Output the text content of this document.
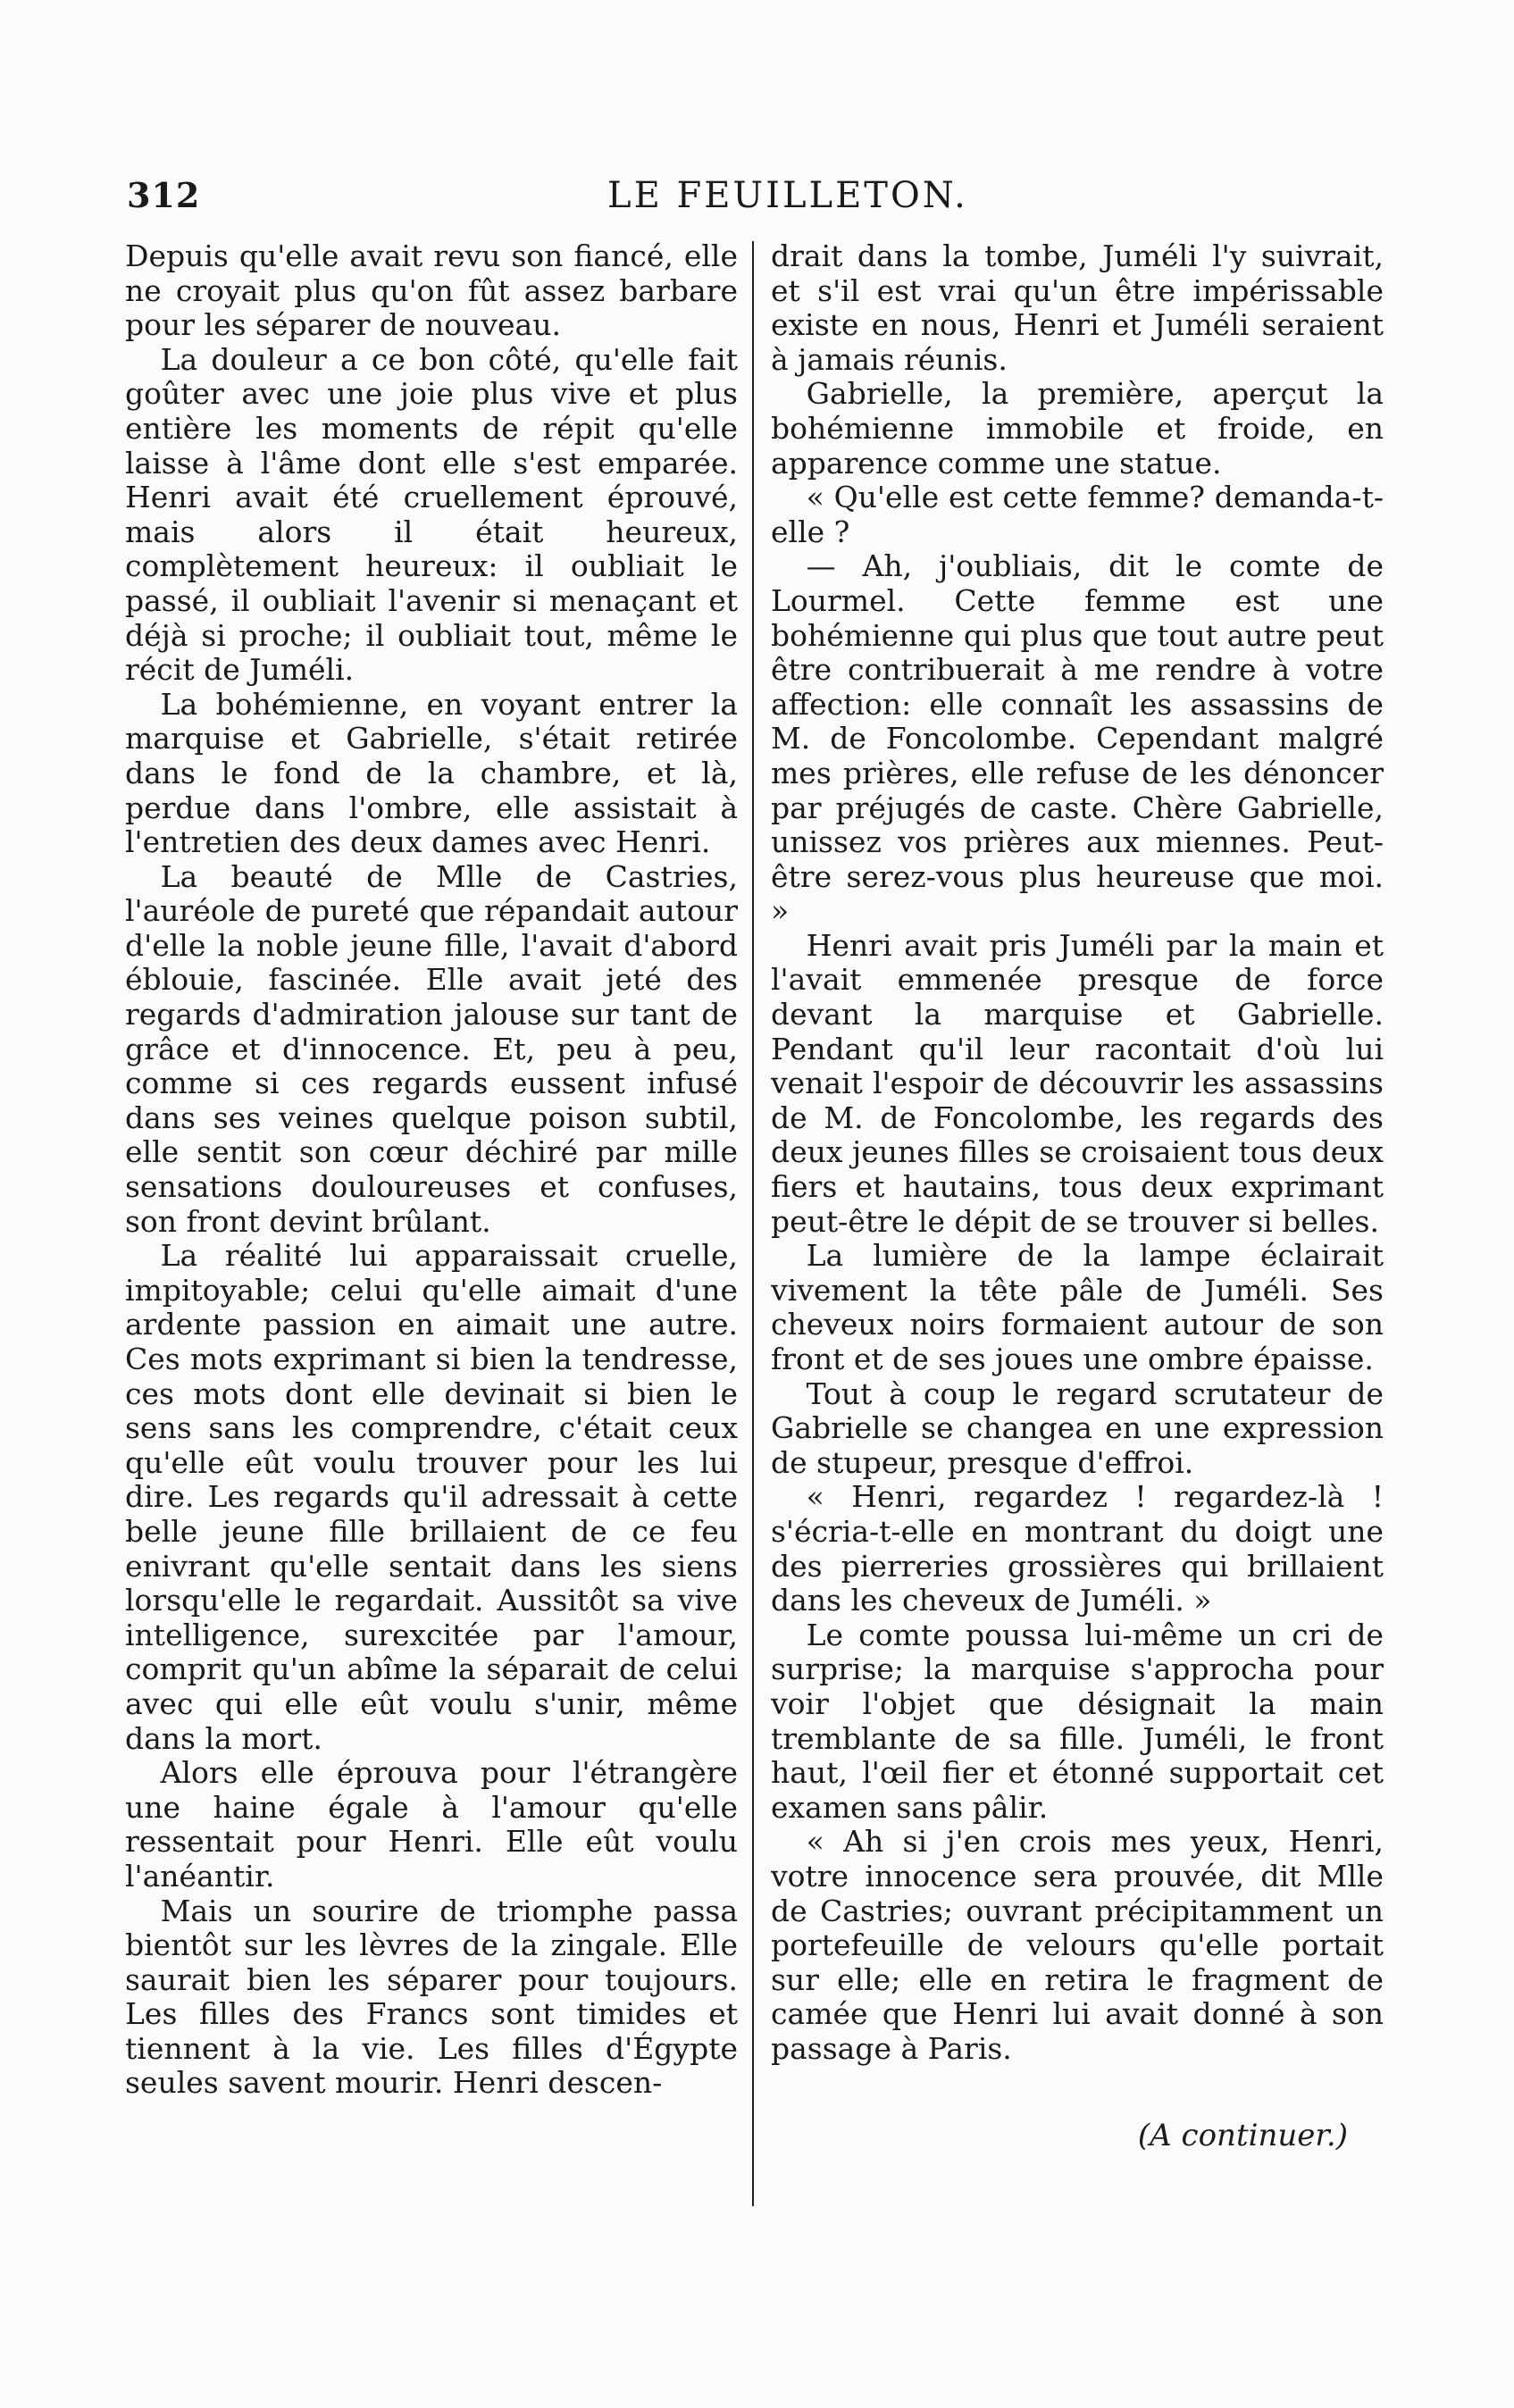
312	LE FEUILLETON.

Depuis qu'elle avait revu son fiancé, elle ne croyait plus qu'on fût assez barbare pour les séparer de nouveau.

La douleur a ce bon côté, qu'elle fait goûter avec une joie plus vive et plus entière les moments de répit qu'elle laisse à l'âme dont elle s'est emparée. Henri avait été cruellement éprouvé, mais alors il était heureux, complètement heureux: il oubliait le passé, il oubliait l'avenir si menaçant et déjà si proche; il oubliait tout, même le récit de Juméli.

La bohémienne, en voyant entrer la marquise et Gabrielle, s'était retirée dans le fond de la chambre, et là, perdue dans l'ombre, elle assistait à l'entretien des deux dames avec Henri.

La beauté de Mlle de Castries, l'auréole de pureté que répandait autour d'elle la noble jeune fille, l'avait d'abord éblouie, fascinée. Elle avait jeté des regards d'admiration jalouse sur tant de grâce et d'innocence. Et, peu à peu, comme si ces regards eussent infusé dans ses veines quelque poison subtil, elle sentit son cœur déchiré par mille sensations douloureuses et confuses, son front devint brûlant.

La réalité lui apparaissait cruelle, impitoyable; celui qu'elle aimait d'une ardente passion en aimait une autre. Ces mots exprimant si bien la tendresse, ces mots dont elle devinait si bien le sens sans les comprendre, c'était ceux qu'elle eût voulu trouver pour les lui dire. Les regards qu'il adressait à cette belle jeune fille brillaient de ce feu enivrant qu'elle sentait dans les siens lorsqu'elle le regardait. Aussitôt sa vive intelligence, surexcitée par l'amour, comprit qu'un abîme la séparait de celui avec qui elle eût voulu s'unir, même dans la mort.

Alors elle éprouva pour l'étrangère une haine égale à l'amour qu'elle ressentait pour Henri. Elle eût voulu l'anéantir.

Mais un sourire de triomphe passa bientôt sur les lèvres de la zingale. Elle saurait bien les séparer pour toujours. Les filles des Francs sont timides et tiennent à la vie. Les filles d'Égypte seules savent mourir. Henri descen-

drait dans la tombe, Juméli l'y suivrait, et s'il est vrai qu'un être impérissable existe en nous, Henri et Juméli seraient à jamais réunis.

Gabrielle, la première, aperçut la bohémienne immobile et froide, en apparence comme une statue.

« Qu'elle est cette femme? demanda-t-elle ?

— Ah, j'oubliais, dit le comte de Lourmel. Cette femme est une bohémienne qui plus que tout autre peut être contribuerait à me rendre à votre affection: elle connaît les assassins de M. de Foncolombe. Cependant malgré mes prières, elle refuse de les dénoncer par préjugés de caste. Chère Gabrielle, unissez vos prières aux miennes. Peut-être serez-vous plus heureuse que moi. »

Henri avait pris Juméli par la main et l'avait emmenée presque de force devant la marquise et Gabrielle. Pendant qu'il leur racontait d'où lui venait l'espoir de découvrir les assassins de M. de Foncolombe, les regards des deux jeunes filles se croisaient tous deux fiers et hautains, tous deux exprimant peut-être le dépit de se trouver si belles.

La lumière de la lampe éclairait vivement la tête pâle de Juméli. Ses cheveux noirs formaient autour de son front et de ses joues une ombre épaisse.

Tout à coup le regard scrutateur de Gabrielle se changea en une expression de stupeur, presque d'effroi.

« Henri, regardez ! regardez-là ! s'écria-t-elle en montrant du doigt une des pierreries grossières qui brillaient dans les cheveux de Juméli. »

Le comte poussa lui-même un cri de surprise; la marquise s'approcha pour voir l'objet que désignait la main tremblante de sa fille. Juméli, le front haut, l'œil fier et étonné supportait cet examen sans pâlir.

« Ah si j'en crois mes yeux, Henri, votre innocence sera prouvée, dit Mlle de Castries; ouvrant précipitamment un portefeuille de velours qu'elle portait sur elle; elle en retira le fragment de camée que Henri lui avait donné à son passage à Paris.

(A continuer.)
